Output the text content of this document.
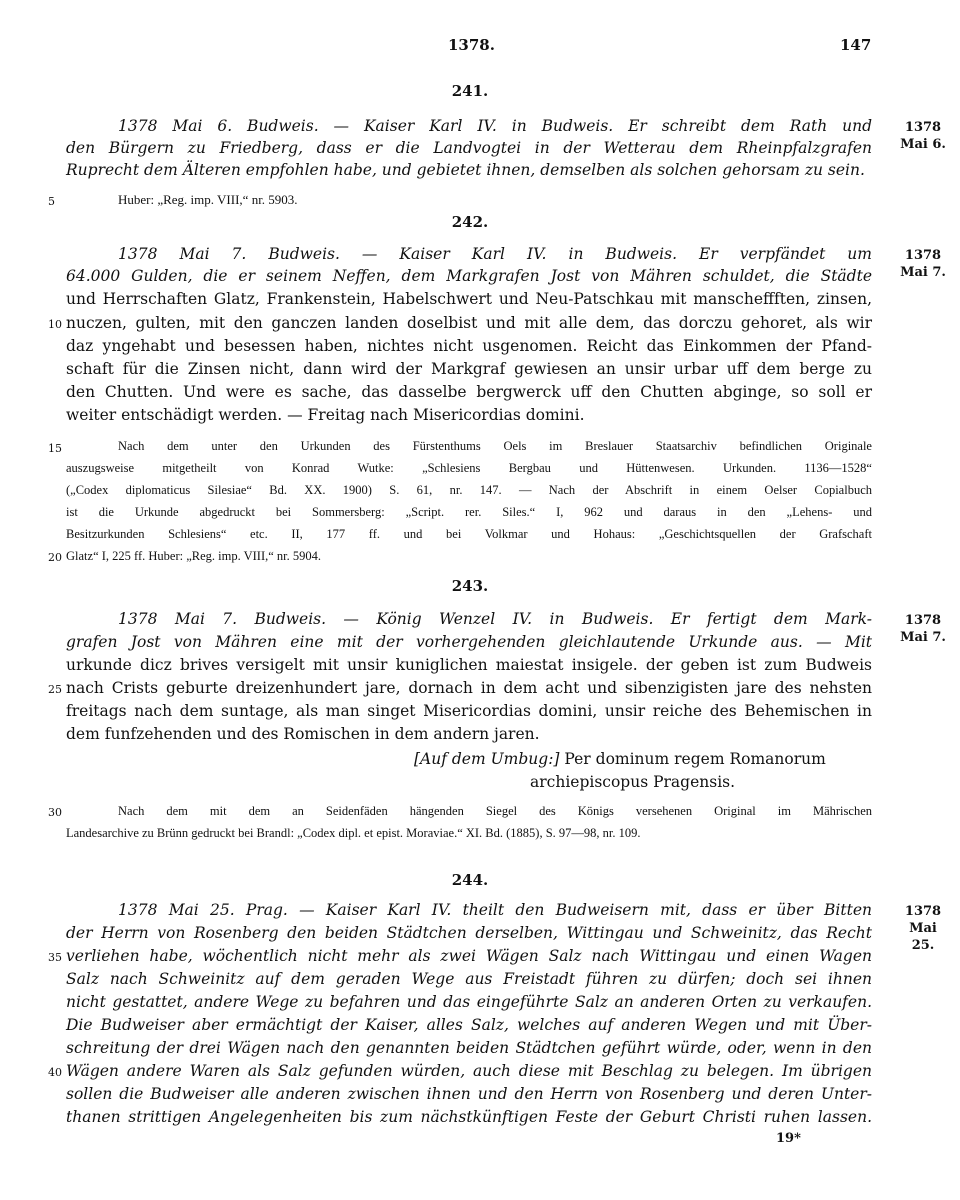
1378.	147
241.
1378
Mai 6.
1378 Mai 6. Budweis. — Kaiser Karl IV. in Budweis. Er schreibt dem Rath und
den Bürgern zu Friedberg, dass er die Landvogtei in der Wetterau dem Rheinpfalzgrafen
Ruprecht dem Älteren empfohlen habe, und gebietet ihnen, demselben als solchen gehorsam zu sein.
5	Huber: „Reg. imp. VIII,“ nr. 5903.
242.
1378
Mai 7.
1378 Mai 7. Budweis. — Kaiser Karl IV. in Budweis. Er verpfändet um
64.000 Gulden, die er seinem Neffen, dem Markgrafen Jost von Mähren schuldet, die Städte
und Herrschaften Glatz, Frankenstein, Habelschwert und Neu-Patschkau mit manscheffften, zinsen,
10 nuczen, gulten, mit den ganczen landen doselbist und mit alle dem, das dorczu gehoret, als wir
daz yngehabt und besessen haben, nichtes nicht usgenomen. Reicht das Einkommen der Pfand-
schaft für die Zinsen nicht, dann wird der Markgraf gewiesen an unsir urbar uff dem berge zu
den Chutten. Und were es sache, das dasselbe bergwerck uff den Chutten abginge, so soll er
weiter entschädigt werden. — Freitag nach Misericordias domini.
15	Nach dem unter den Urkunden des Fürstenthums Oels im Breslauer Staatsarchiv befindlichen Originale
auszugsweise mitgetheilt von Konrad Wutke: „Schlesiens Bergbau und Hüttenwesen. Urkunden. 1136—1528“
(„Codex diplomaticus Silesiae“ Bd. XX. 1900) S. 61, nr. 147. — Nach der Abschrift in einem Oelser Copialbuch
ist die Urkunde abgedruckt bei Sommersberg: „Script. rer. Siles.“ I, 962 und daraus in den „Lehens- und
Besitzurkunden Schlesiens“ etc. II, 177 ff. und bei Volkmar und Hohaus: „Geschichtsquellen der Grafschaft
20 Glatz“ I, 225 ff. Huber: „Reg. imp. VIII,“ nr. 5904.
243.
1378
Mai 7.
1378 Mai 7. Budweis. — König Wenzel IV. in Budweis. Er fertigt dem Mark-
grafen Jost von Mähren eine mit der vorhergehenden gleichlautende Urkunde aus. — Mit
urkunde dicz brives versigelt mit unsir kuniglichen maiestat insigele. der geben ist zum Budweis
25 nach Crists geburte dreizenhundert jare, dornach in dem acht und sibenzigisten jare des nehsten
freitags nach dem suntage, als man singet Misericordias domini, unsir reiche des Behemischen in
dem funfzehenden und des Romischen in dem andern jaren.
[Auf dem Umbug:] Per dominum regem Romanorum
archiepiscopus Pragensis.
30	Nach dem mit dem an Seidenfäden hängenden Siegel des Königs versehenen Original im Mährischen
Landesarchive zu Brünn gedruckt bei Brandl: „Codex dipl. et epist. Moraviae.“ XI. Bd. (1885), S. 97—98, nr. 109.
244.
1378
Mai 25.
1378 Mai 25. Prag. — Kaiser Karl IV. theilt den Budweisern mit, dass er über Bitten
der Herrn von Rosenberg den beiden Städtchen derselben, Wittingau und Schweinitz, das Recht
35 verliehen habe, wöchentlich nicht mehr als zwei Wägen Salz nach Wittingau und einen Wagen
Salz nach Schweinitz auf dem geraden Wege aus Freistadt führen zu dürfen; doch sei ihnen
nicht gestattet, andere Wege zu befahren und das eingeführte Salz an anderen Orten zu verkaufen.
Die Budweiser aber ermächtigt der Kaiser, alles Salz, welches auf anderen Wegen und mit Über-
schreitung der drei Wägen nach den genannten beiden Städtchen geführt würde, oder, wenn in den
40 Wägen andere Waren als Salz gefunden würden, auch diese mit Beschlag zu belegen. Im übrigen
sollen die Budweiser alle anderen zwischen ihnen und den Herrn von Rosenberg und deren Unter-
thanen strittigen Angelegenheiten bis zum nächstkünftigen Feste der Geburt Christi ruhen lassen.
19*
